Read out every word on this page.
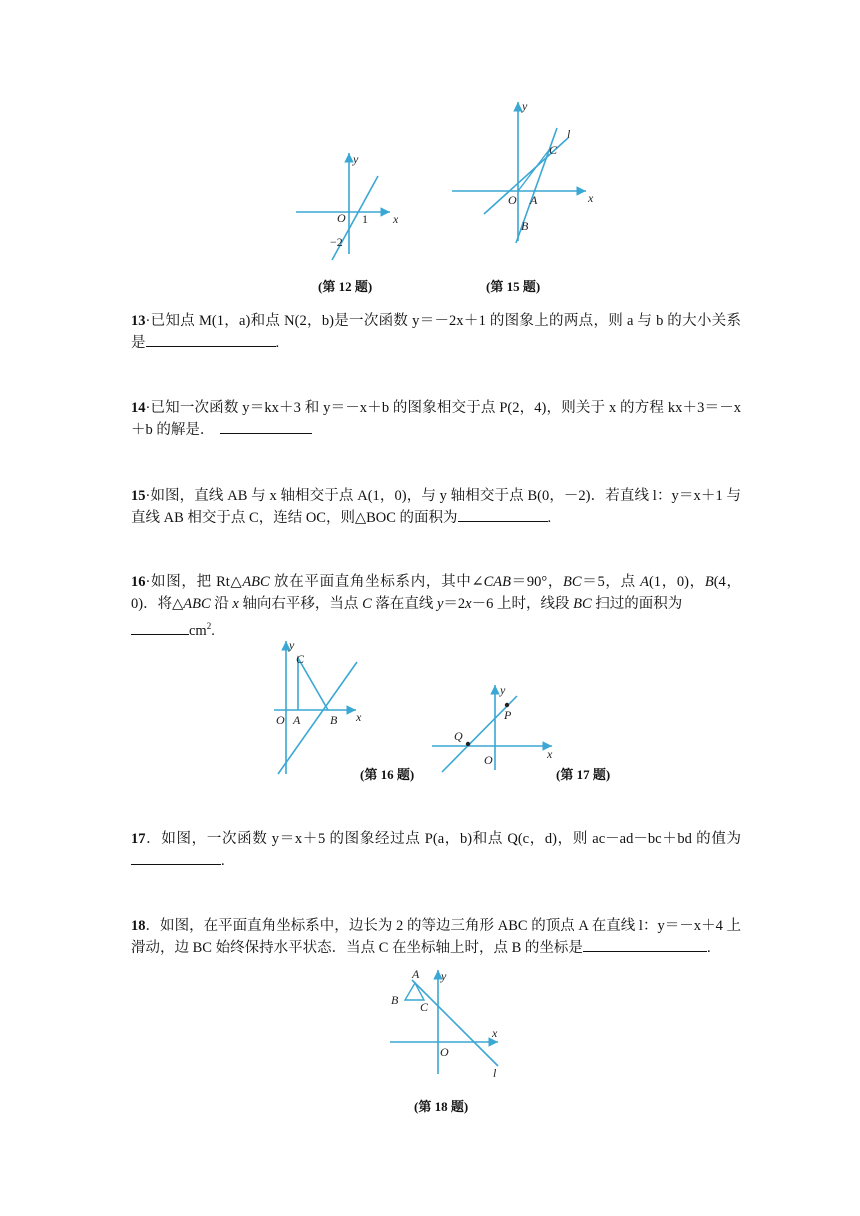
y
x
O 1
−2
(第 12 题)
y
x
O A
B
C
l
(第 15 题)
13·已知点 M(1，a)和点 N(2，b)是一次函数 y＝－2x＋1 的图象上的两点，则 a 与 b 的大小关系是	.
14·已知一次函数 y＝kx＋3 和 y＝－x＋b 的图象相交于点 P(2，4)，则关于 x 的方程 kx＋3＝－x＋b 的解是．
15·如图，直线 AB 与 x 轴相交于点 A(1，0)，与 y 轴相交于点 B(0，－2)．若直线 l：y＝x＋1 与直线 AB 相交于点 C，连结 OC，则△BOC 的面积为	.
16·如图，把 Rt△ABC 放在平面直角坐标系内，其中∠CAB＝90°，BC＝5，点 A(1，0)，B(4，0)．将△ABC 沿 x 轴向右平移，当点 C 落在直线 y＝2x－6 上时，线段 BC 扫过的面积为
$cm^2$.
y
x
O A B
C
(第 16 题)
y
x
O
P
Q
(第 17 题)
17．如图，一次函数 y＝x＋5 的图象经过点 P(a，b)和点 Q(c，d)，则 ac－ad－bc＋bd 的值为.
18．如图，在平面直角坐标系中，边长为 2 的等边三角形 ABC 的顶点 A 在直线 l：y＝－x＋4 上滑动，边 BC 始终保持水平状态．当点 C 在坐标轴上时，点 B 的坐标是	.
y
x
O
A
B C
l
(第 18 题)
